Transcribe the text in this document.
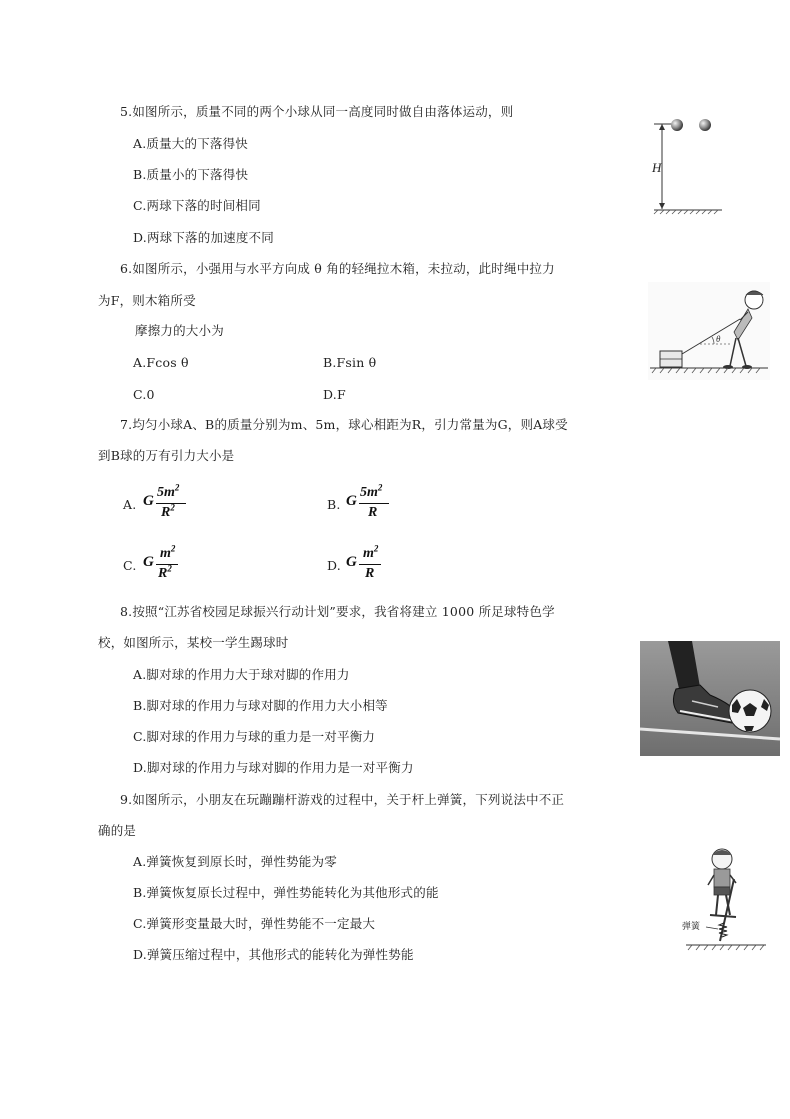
5.如图所示，质量不同的两个小球从同一高度同时做自由落体运动，则
A.质量大的下落得快
B.质量小的下落得快
C.两球下落的时间相同
D.两球下落的加速度不同
H
6.如图所示，小强用与水平方向成 θ 角的轻绳拉木箱，未拉动，此时绳中拉力
为F，则木箱所受
摩擦力的大小为
A.Fcos θ	B.Fsin θ
C.0	D.F
θ
7.均匀小球A、B的质量分别为m、5m，球心相距为R，引力常量为G，则A球受
到B球的万有引力大小是
A. G
$5m^2$
$R^2$	B. G
$5m^2$
R
C. G
$m^2$
$R^2$	D. G
$m^2$
R
8.按照“江苏省校园足球振兴行动计划”要求，我省将建立 1000 所足球特色学
校，如图所示，某校一学生踢球时
A.脚对球的作用力大于球对脚的作用力
B.脚对球的作用力与球对脚的作用力大小相等
C.脚对球的作用力与球的重力是一对平衡力
D.脚对球的作用力与球对脚的作用力是一对平衡力
9.如图所示，小朋友在玩蹦蹦杆游戏的过程中，关于杆上弹簧，下列说法中不正
确的是
A.弹簧恢复到原长时，弹性势能为零
B.弹簧恢复原长过程中，弹性势能转化为其他形式的能
C.弹簧形变量最大时，弹性势能不一定最大
D.弹簧压缩过程中，其他形式的能转化为弹性势能
弹簧
